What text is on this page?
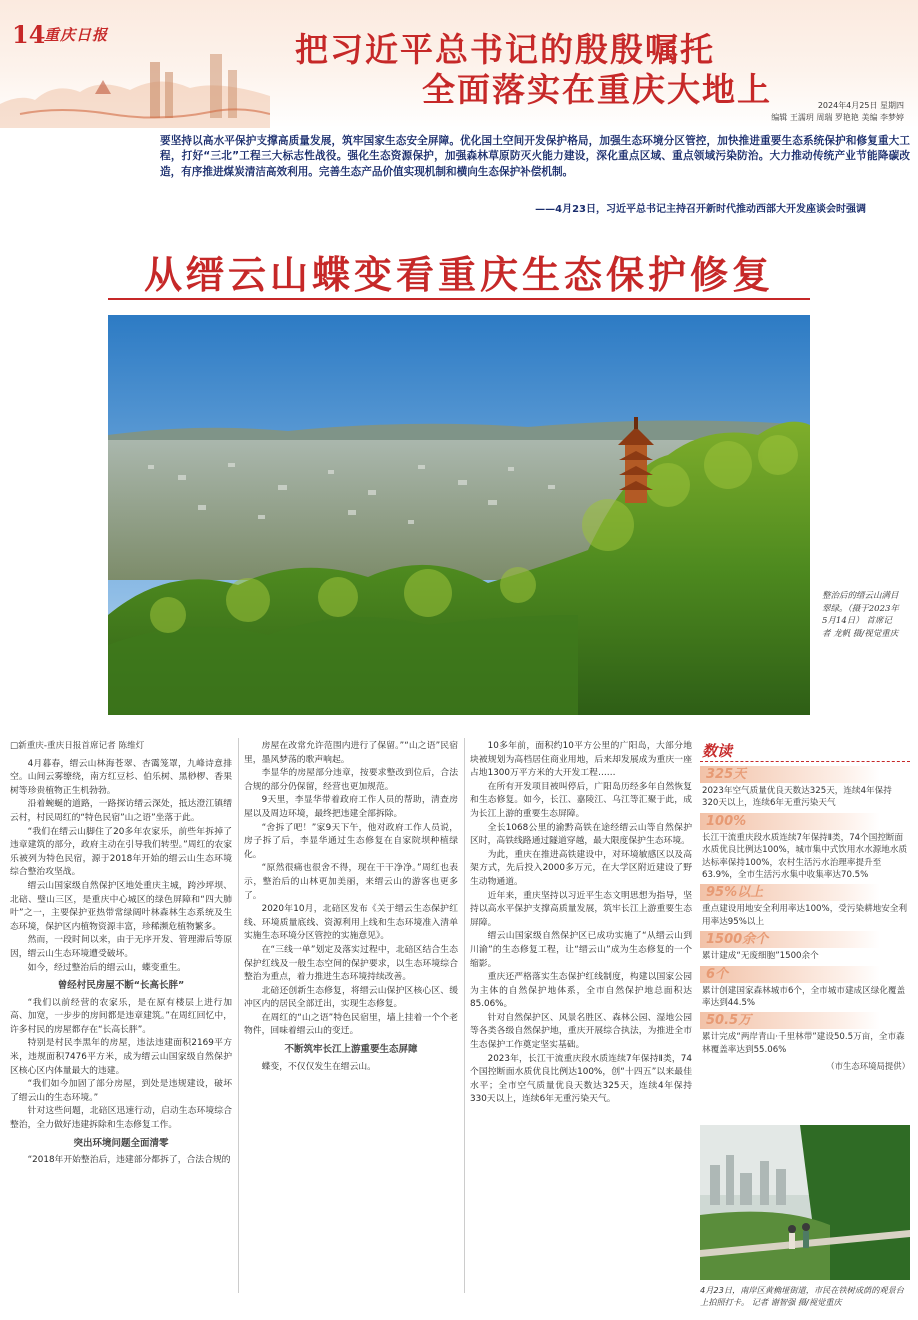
14
重庆日报	把习近平总书记的殷殷嘱托
全面落实在重庆大地上	2024年4月25日 星期四
编辑 王濡玥 周瑞 罗艳艳 美编 李梦婷
要坚持以高水平保护支撑高质量发展，筑牢国家生态安全屏障。优化国土空间开发保护格局，加强生态环境分区管控，加快推进重要生态系统保护和修复重大工程，打好“三北”工程三大标志性战役。强化生态资源保护，加强森林草原防灭火能力建设，深化重点区域、重点领域污染防治。大力推动传统产业节能降碳改造，有序推进煤炭清洁高效利用。完善生态产品价值实现机制和横向生态保护补偿机制。
——4月23日，习近平总书记主持召开新时代推动西部大开发座谈会时强调
从缙云山蝶变看重庆生态保护修复
整治后的缙云山满目翠绿。（摄于2023年5月14日） 首席记者 龙帆 摄/视觉重庆

□新重庆-重庆日报首席记者 陈维灯

4月暮春，缙云山林海苍翠、杏霭笼罩，九峰诗意排空。山间云雾缭绕，南方红豆杉、伯乐树、黑桫椤、香果树等珍贵植物正生机勃勃。

沿着蜿蜒的道路，一路探访缙云深处，抵达澄江镇缙云村，村民周红的“特色民宿”山之语”坐落于此。

“我们在缙云山脚住了20多年农家乐，前些年拆掉了违章建筑的部分，政府主动在引导我们转型。”周红的农家乐被列为特色民宿，源于2018年开始的缙云山生态环境综合整治攻坚战。

缙云山国家级自然保护区地处重庆主城，跨沙坪坝、北碚、璧山三区，是重庆中心城区的绿色屏障和“四大肺叶”之一，主要保护亚热带常绿阔叶林森林生态系统及生态环境，保护区内植物资源丰富，珍稀濒危植物繁多。

然而，一段时间以来，由于无序开发、管理滞后等原因，缙云山生态环境遭受破坏。

如今，经过整治后的缙云山，蝶变重生。

曾经村民房屋不断“长高长胖”

“我们以前经营的农家乐，是在原有楼层上进行加高、加宽，一步步的房间都是违章建筑。”在周红回忆中，许多村民的房屋都存在“长高长胖”。

特别是村民李黑年的房屋，违法违建面积2169平方米，违规面积7476平方米，成为缙云山国家级自然保护区核心区内体量最大的违建。

“我们如今加固了部分房屋，到处是违规建设，破坏了缙云山的生态环境。”

针对这些问题，北碚区迅速行动，启动生态环境综合整治，全力做好违建拆除和生态修复工作。

突出环境问题全面清零

“2018年开始整治后，违建部分都拆了，合法合规的

房屋在改常允许范围内进行了保留。”“山之语”民宿里，墨风梦荡的歌声响起。

李显华的房屋部分违章，按要求整改到位后，合法合规的部分仍保留，经营也更加规范。

9天里，李显华带着政府工作人员的帮助，清查房屋以及周边环境，最终把违建全部拆除。

“舍拆了吧！”家9天下午，他对政府工作人员说，房子拆了后，李显华通过生态修复在自家院坝种植绿化。

“原然很痛也很舍不得，现在干干净净。”周红也表示，整治后的山林更加美丽，来缙云山的游客也更多了。

2020年10月，北碚区发布《关于缙云生态保护红线、环境质量底线、资源利用上线和生态环境准入清单实施生态环境分区管控的实施意见》。

在“三线一单”划定及落实过程中，北碚区结合生态保护红线及一般生态空间的保护要求，以生态环境综合整治为重点，着力推进生态环境持续改善。

北碚还创新生态修复，将缙云山保护区核心区、缓冲区内的居民全部迁出，实现生态修复。

在周红的“山之语”特色民宿里，墙上挂着一个个老物件，回味着缙云山的变迁。

不断筑牢长江上游重要生态屏障

蝶变，不仅仅发生在缙云山。

10多年前，面积约10平方公里的广阳岛，大部分地块被规划为高档居住商业用地，后来却发展成为重庆一座占地1300万平方米的大开发工程……

在所有开发项目被叫停后，广阳岛历经多年自然恢复和生态修复。如今，长江、嘉陵江、乌江等汇聚于此，成为长江上游的重要生态屏障。

全长1068公里的渝黔高铁在途经缙云山等自然保护区时，高铁线路通过隧道穿越，最大限度保护生态环境。

为此，重庆在推进高铁建设中，对环境敏感区以及高架方式，先后投入2000多万元，在大学区附近建设了野生动物通道。

近年来，重庆坚持以习近平生态文明思想为指导，坚持以高水平保护支撑高质量发展，筑牢长江上游重要生态屏障。

缙云山国家级自然保护区已成功实施了“从缙云山到川渝”的生态修复工程，让“缙云山”成为生态修复的一个缩影。

重庆还严格落实生态保护红线制度，构建以国家公园为主体的自然保护地体系，全市自然保护地总面积达85.06%。

针对自然保护区、风景名胜区、森林公园、湿地公园等各类各级自然保护地，重庆开展综合执法，为推进全市生态保护工作奠定坚实基础。

2023年，长江干流重庆段水质连续7年保持Ⅱ类，74个国控断面水质优良比例达100%，创“十四五”以来最佳水平；全市空气质量优良天数达325天，连续4年保持330天以上，连续6年无重污染天气。

数读
325天
2023年空气质量优良天数达325天，连续4年保持320天以上，连续6年无重污染天气
100%
长江干流重庆段水质连续7年保持Ⅱ类，74个国控断面水质优良比例达100%，城市集中式饮用水水源地水质达标率保持100%，农村生活污水治理率提升至63.9%，全市生活污水集中收集率达70.5%
95%以上
重点建设用地安全利用率达100%，受污染耕地安全利用率达95%以上
1500余个
累计建成“无废细胞”1500余个
6个
累计创建国家森林城市6个，全市城市建成区绿化覆盖率达到44.5%
50.5万
累计完成“两岸青山·千里林带”建设50.5万亩，全市森林覆盖率达到55.06%
（市生态环境局提供）
4月23日，南岸区黄桷垭街道，市民在铁树成荫的观景台上拍照打卡。 记者 谢智强 摄/视觉重庆
